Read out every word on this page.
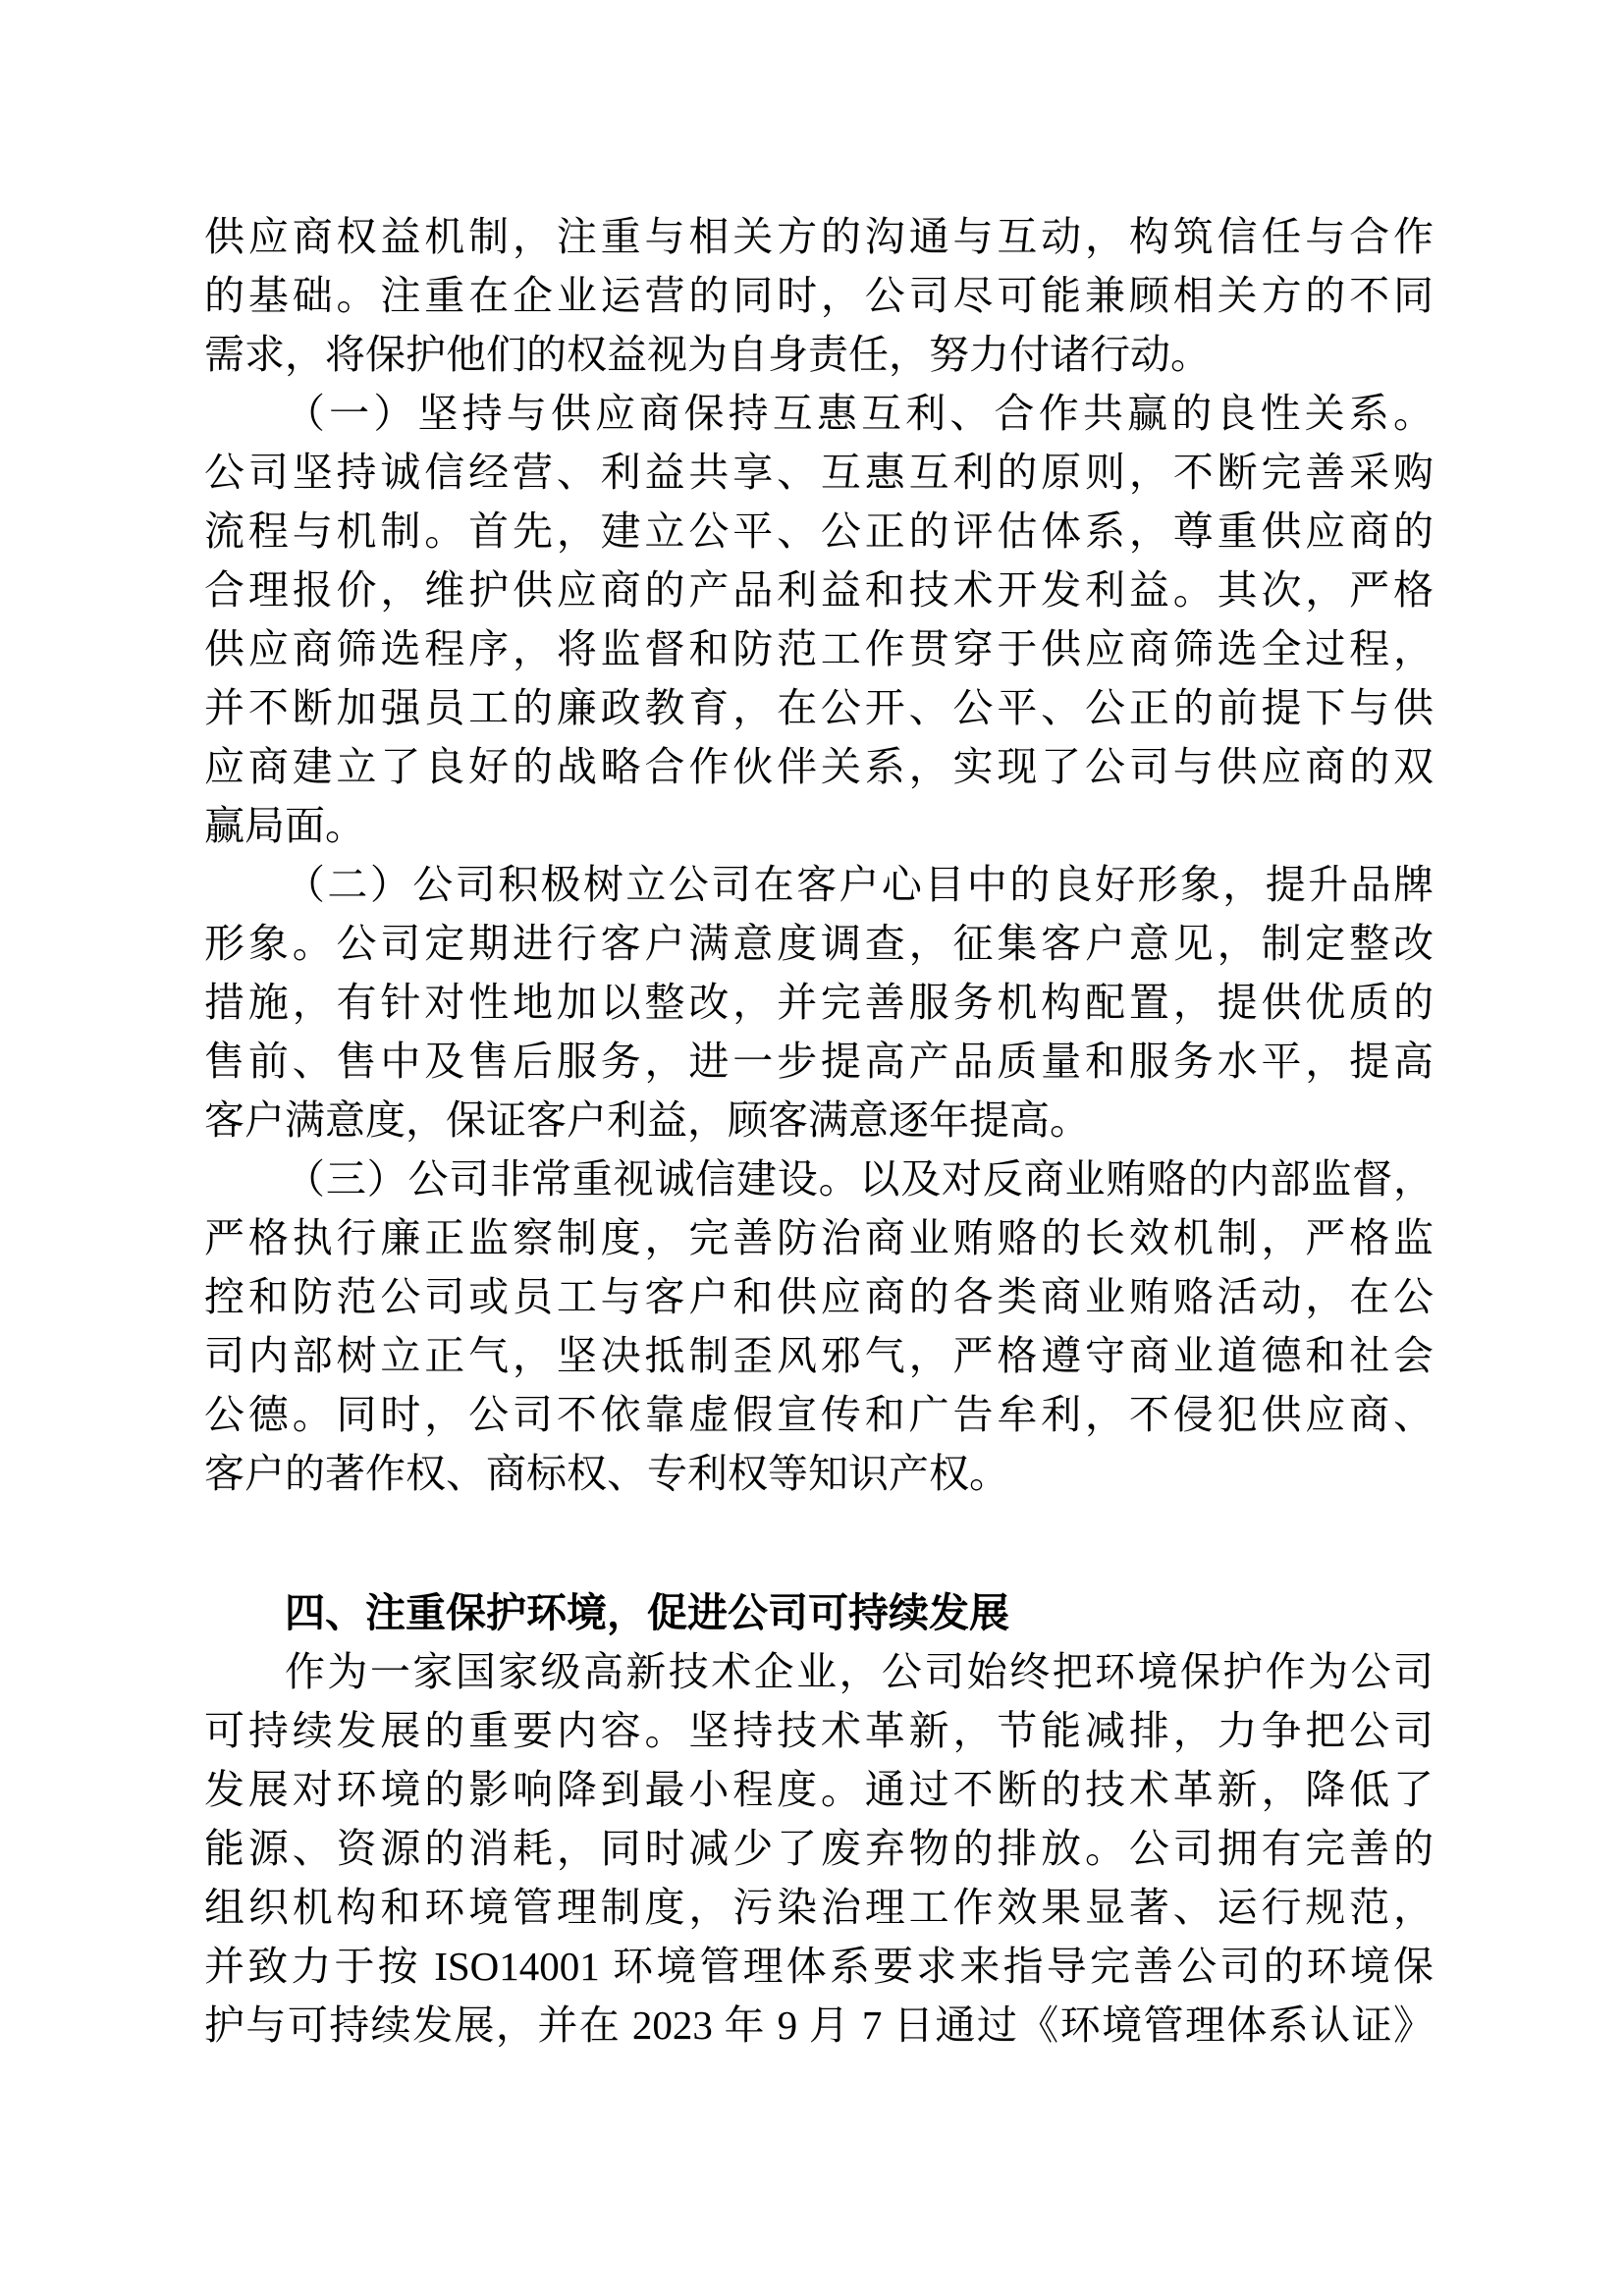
供应商权益机制，注重与相关方的沟通与互动，构筑信任与合作
的基础。注重在企业运营的同时，公司尽可能兼顾相关方的不同
需求，将保护他们的权益视为自身责任，努力付诸行动。
（一）坚持与供应商保持互惠互利、合作共赢的良性关系。
公司坚持诚信经营、利益共享、互惠互利的原则，不断完善采购
流程与机制。首先，建立公平、公正的评估体系，尊重供应商的
合理报价，维护供应商的产品利益和技术开发利益。其次，严格
供应商筛选程序，将监督和防范工作贯穿于供应商筛选全过程，
并不断加强员工的廉政教育，在公开、公平、公正的前提下与供
应商建立了良好的战略合作伙伴关系，实现了公司与供应商的双
赢局面。
（二）公司积极树立公司在客户心目中的良好形象，提升品牌
形象。公司定期进行客户满意度调查，征集客户意见，制定整改
措施，有针对性地加以整改，并完善服务机构配置，提供优质的
售前、售中及售后服务，进一步提高产品质量和服务水平，提高
客户满意度，保证客户利益，顾客满意逐年提高。
（三）公司非常重视诚信建设。以及对反商业贿赂的内部监督，
严格执行廉正监察制度，完善防治商业贿赂的长效机制，严格监
控和防范公司或员工与客户和供应商的各类商业贿赂活动，在公
司内部树立正气，坚决抵制歪风邪气，严格遵守商业道德和社会
公德。同时，公司不依靠虚假宣传和广告牟利，不侵犯供应商、
客户的著作权、商标权、专利权等知识产权。
四、注重保护环境，促进公司可持续发展
作为一家国家级高新技术企业，公司始终把环境保护作为公司
可持续发展的重要内容。坚持技术革新，节能减排，力争把公司
发展对环境的影响降到最小程度。通过不断的技术革新，降低了
能源、资源的消耗，同时减少了废弃物的排放。公司拥有完善的
组织机构和环境管理制度，污染治理工作效果显著、运行规范，
并致力于按 ISO14001 环境管理体系要求来指导完善公司的环境保
护与可持续发展，并在 2023 年 9 月 7 日通过《环境管理体系认证》
